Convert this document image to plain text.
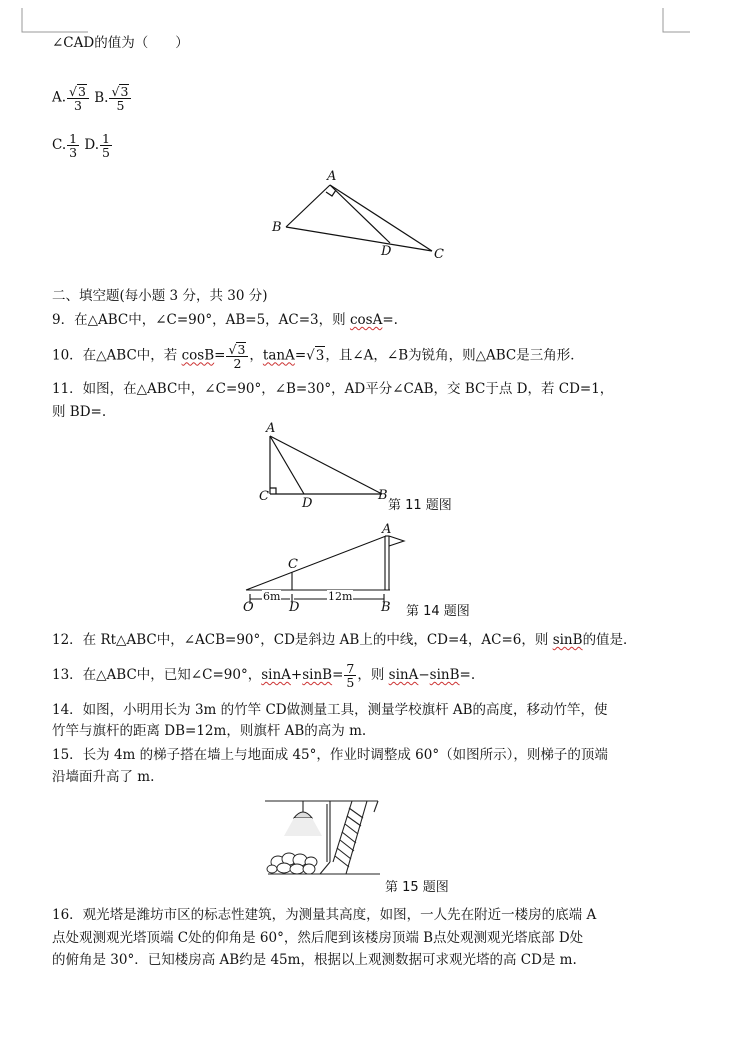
∠CAD的值为（　　）
A. $\frac{√3}{3} B$. $\frac{√3}{5}$
C. $\frac{1}{3} D$. $\frac{1}{5}$
A
B
D	C
二、填空题(每小题 3 分，共 30 分)
9．在△ABC中，∠C=90°，AB=5，AC=3，则 cosA=.
10．在△ABC中，若 $\cos B= \frac{√3}{2}$ ，tanA=√3，且∠A，∠B为锐角，则△ABC是三角形．
11．如图，在△ABC中，∠C=90°，∠B=30°，AD平分∠CAB，交 BC于点 D，若 CD=1，
则 BD=.
A
C	D
B
第 11 题图
A
C
O	D	B
6m	12m
第 14 题图
12．在 Rt△ABC中，∠ACB=90°，CD是斜边 AB上的中线，CD=4，AC=6，则 sinB的值是．
13．在△ABC中，已知∠C=90°，$\sin A+\sin B= \frac{7}{5}$ ，则 sinA−sinB=.
14．如图，小明用长为 3m 的竹竿 CD做测量工具，测量学校旗杆 AB的高度，移动竹竿，使
竹竿与旗杆的距离 DB=12m，则旗杆 AB的高为 m.
15．长为 4m 的梯子搭在墙上与地面成 45°，作业时调整成 60°（如图所示），则梯子的顶端
沿墙面升高了 m.
第 15 题图
16．观光塔是潍坊市区的标志性建筑，为测量其高度，如图，一人先在附近一楼房的底端 A
点处观测观光塔顶端 C处的仰角是 60°，然后爬到该楼房顶端 B点处观测观光塔底部 D处
的俯角是 30°．已知楼房高 AB约是 45m，根据以上观测数据可求观光塔的高 CD是 m.
